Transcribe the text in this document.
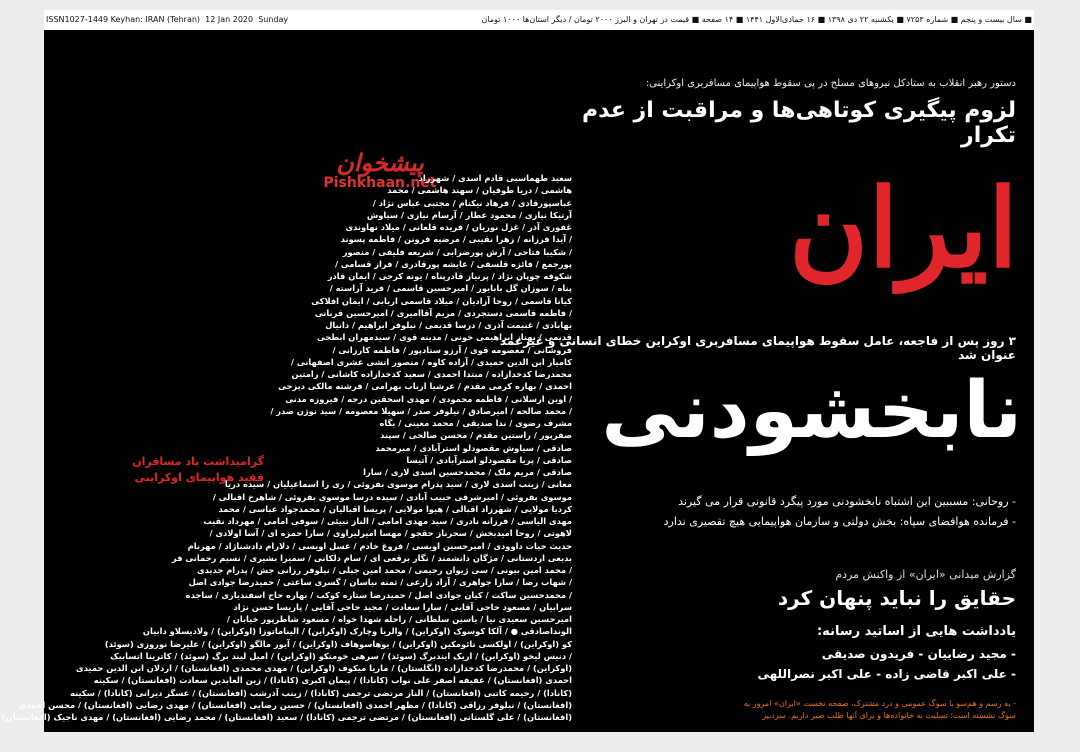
ISSN1027-1449 Keyhan: IRAN (Tehran) 12 Jan 2020 Sunday	■ سال بیست و پنجم ■ شماره ۷۲۵۳ ■ یکشنبه ۲۲ دی ۱۳۹۸ ■ ۱۶ جمادی‌الاول ۱۴۴۱ ■ ۱۴ صفحه ■ قیمت در تهران و البرز ۲۰۰۰ تومان / دیگر استان‌ها ۱۰۰۰ تومان
دستور رهبر انقلاب به ستادکل نیروهای مسلح در پی سقوط هواپیمای مسافربری اوکراینی:
لزوم پیگیری کوتاهی‌ها و مراقبت از عدم تکرار
ایران
۳ روز پس از فاجعه، عامل سقوط هواپیمای مسافربری اوکراین خطای انسانی و غیرعمد عنوان شد
نابخشودنی
- روحانی: مسببین این اشتباه نابخشودنی مورد پیگرد قانونی قرار می گیرند
- فرمانده هوافضای سپاه: بخش دولتی و سازمان هواپیمایی هیچ تقصیری ندارد
گزارش میدانی «ایران» از واکنش مردم
حقایق را نباید پنهان کرد
یادداشت هایی از اساتید رسانه:
- مجید رضاییان - فریدون صدیقی
- علی اکبر قاضی زاده - علی اکبر نصراللهی
- به رسم و هم‌سو با سوگ عمومی و درد مشترک، صفحه نخست «ایران» امروز به سوگ نشسته است؛ تسلیت به خانواده‌ها و برای آنها طلب صبر داریم. سردبیر
پیشخوان
Pishkhaan.net
گرامیداشت یاد مسافران
فقید هواپیمای اوکراینی
سعید طهماسبی قادم اسدی / شهرزاد
هاشمی / دریا طوفیان / سهند هاشمی / محمد
عباسپورقادی / فرهاد نیکنام / مجتبی عباس نژاد /
آرتیکا نیازی / محمود عطار / آرسام نیازی / سیاوش
غفوری آذر / غزل نوریان / فریده قلعانی / میلاد نهاوندی
/ آیدا فرزانه / زهرا نقیبی / مرضیه فرونن / فاطمه پسوند
/ شکیبا فتاحی / آرش پورضرابی / شریعه فلیفی / منصور
پورجمع / فائزه قلسفی / عایشه پورقادری / فراز قسامی /
شکوفه چوپان نژاد / پرنیاز قادرپناه / یونه کرجی / ایمان قادر
پناه / سوزان گل بابایور / امیرحسین قاسمی / فرید آراسته /
کیانا قاسمی / روحا آزادیان / میلاد قاسمی اربابی / ایمان افلاکی
/ فاطمه قاسمی دستجردی / مریم آقاامیری / امیرحسین قربانی
بهابادی / غنیمت آذری / درسا قدیمی / نیلوفر ابراهیم / دانیال
قدیمی / بهناز ابراهیمی خونی / مدینه قوی / سیدمهران ابطحی
فروشانی / معصومه قوی / آرزو ستادپور / فاطمه کارزانی /
کامیار ابن الدین حمیدی / آزاده کاوه / منصور اتشی عشری اصفهانی /
محمدرضا کدخدازاده / مبتدا احمدی / سعید کدخدازاده کاشانی / رامتین
احمدی / بهاره کرمی مقدم / عرشیا ارباب بهرامی / فرشته مالکی دیزجی
/ اوین ارسلانی / فاطمه محمودی / مهدی اسحقین درجه / فیروزه مدنی
/ محمد صالحه / امیرصادق / نیلوفر صدر / سهیلا معصومه / سید نوژن صدر /
مشرف رضوی / ندا صدیقی / محمد معینی / بگاه
صفرپور / راستین مقدم / محسن صالحی / سپند
صادقی / سیاوش مقصودلو استرآبادی / مبرمحمد
صادقی / پریا مقصودلو استرآبادی / آتیسا
صادقی / مریم ملک / محمدحسین اسدی لاری / سارا
معانی / زینب اسدی لاری / سید پدرام موسوی بفروئی / ری را اسماعیلیان / سیده دریا
موسوی بفروئی / امیرشرفی حبیب آبادی / سیده درسا موسوی بفروئی / شاهرخ اقبالی /
کردیا مولایی / شهرزاد اقبالی / هیوا مولایی / پریسا اقبالیان / محمدجواد عباسی / محمد
مهدی الیاسی / فرزانه نادری / سید مهدی امامی / الناز نبیئی / سوفی امامی / مهرداد نقیب
لاهوتی / روحا امیدبخش / سحرناز حقجو / مهسا امیرلیراوی / سارا حمزه ای / آسا اولادی /
حدیث حیات داوودی / امیرحسین اویسی / فروغ خادم / عسل اویسی / دلارام دادشناژاد / مهرنام
بدیعی اردستانی / مژگان دانشمند / نگار برقعی ای / سام دلکانی / سمیرا بشیری / نسیم رحمانی فر
/ محمد امین بیونی / سی ژیوان رحیمی / محمد امین جبلی / نیلوفر رزانی جش / پدرام جدیدی
/ شهاب رضا / سارا جواهری / آزاد زارعی / ثمنه نیاسان / گسری ساعتی / حمیدرضا جوادی اصل
/ محمدحسین ساکت / کیان جوادی اصل / حمیدرضا ستاره کوکب / بهاره حاج اسفندیاری / ساجده
سرابیان / مسعود حاجی آقایی / سارا سعادت / مجید حاجی آقایی / پاریسا حسن نژاد
امیرحسین سعیدی نیا / یاسین سلطانی / راحله شهدا خواه / مسعود شاطرپور خیابان /
الونداصادقی ● / آلکا کوسوک (اوکراین) / والریا وچارک (اوکراین) / الیناماتوزا (اوکراین) / ولادیسلاو دابیان
کو (اوکراین) / اولکسی نائومکین (اوکراین) / یوهاسوهاف (اوکراین) / آیور مالگو (اوکراین) / علیرضا نوروزی (سوئد)
/ دنیس لیخو (اوکراین) / اریک ایندبرگ (سوئد) / سرهی خومنکو (اوکراین) / امیل لیند برگ (سوئد) / کاترینا اتسابیک
(اوکراین) / محمدرضا کدخدازاده (انگلستان) / ماریا میکوف (اوکراین) / مهدی محمدی (افغانستان) / اردلان ابن الدین حمیدی
احمدی (افغانستان) / عفیفه اصفر علی نواب (کانادا) / پیمان اکبری (کانادا) / زین العابدین سعادت (افغانستان) / سکینه
(کانادا) / رحیمه کاتبی (افغانستان) / الناز مرتضی ترجمی (کانادا) / زینب آذرشب (افغانستان) / عسگر دیرانی (کانادا) / سکینه
(افغانستان) / نیلوفر رزاقی (کانادا) / مظهر احمدی (افغانستان) / حسین رضایی (افغانستان) / مهدی رضایی (افغانستان) / محسن احمدی
(افغانستان) / علی گلستانی (افغانستان) / مرتضی ترجمی (کانادا) / سعید (افغانستان) / محمد رضایی (افغانستان) / مهدی ناجیک (افغانستان)
